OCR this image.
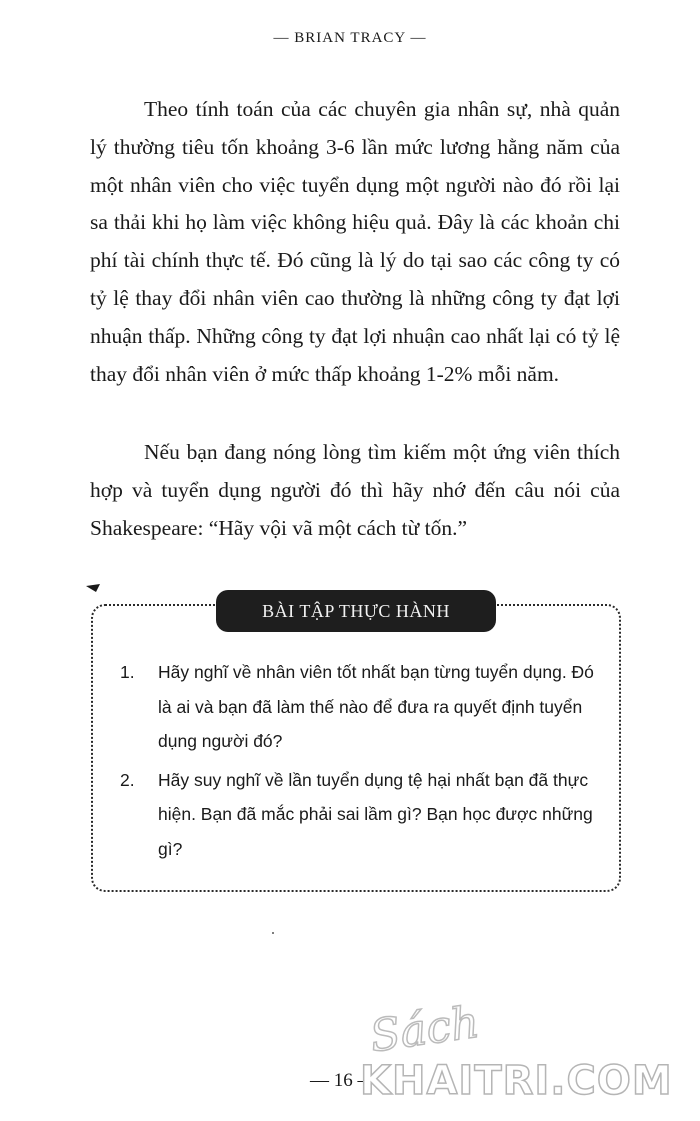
— BRIAN TRACY —

Theo tính toán của các chuyên gia nhân sự, nhà quản lý thường tiêu tốn khoảng 3-6 lần mức lương hằng năm của một nhân viên cho việc tuyển dụng một người nào đó rồi lại sa thải khi họ làm việc không hiệu quả. Đây là các khoản chi phí tài chính thực tế. Đó cũng là lý do tại sao các công ty có tỷ lệ thay đổi nhân viên cao thường là những công ty đạt lợi nhuận thấp. Những công ty đạt lợi nhuận cao nhất lại có tỷ lệ thay đổi nhân viên ở mức thấp khoảng 1-2% mỗi năm.

Nếu bạn đang nóng lòng tìm kiếm một ứng viên thích hợp và tuyển dụng người đó thì hãy nhớ đến câu nói của Shakespeare: “Hãy vội vã một cách từ tốn.”

BÀI TẬP THỰC HÀNH
1.	Hãy nghĩ về nhân viên tốt nhất bạn từng tuyển dụng. Đó là ai và bạn đã làm thế nào để đưa ra quyết định tuyển dụng người đó?
2.	Hãy suy nghĩ về lần tuyển dụng tệ hại nhất bạn đã thực hiện. Bạn đã mắc phải sai lầm gì? Bạn học được những gì?
— 16 —
Sách
KHAITRI.COM
